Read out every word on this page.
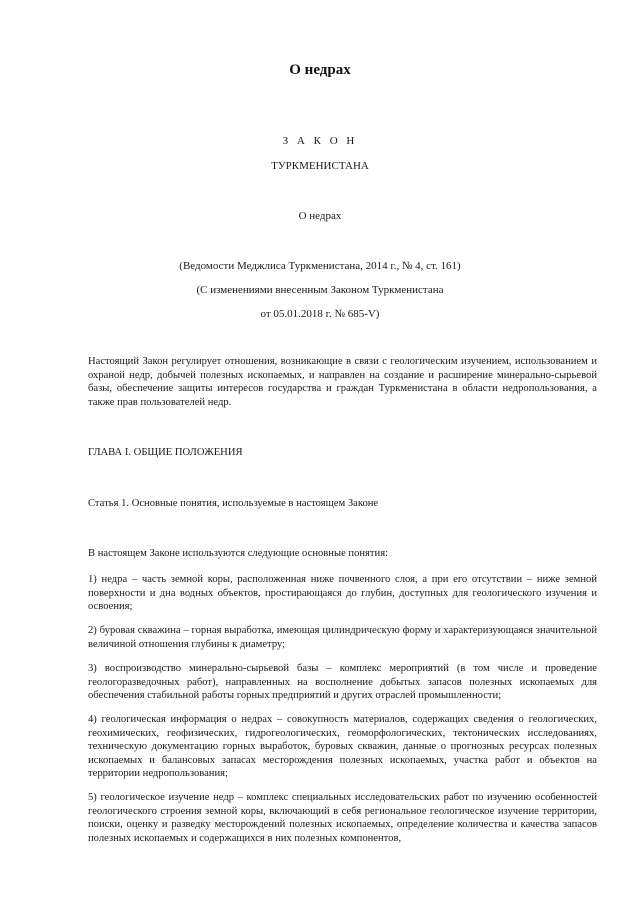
О недрах
З А К О Н
ТУРКМЕНИСТАНА
О недрах
(Ведомости Меджлиса Туркменистана, 2014 г., № 4, ст. 161)
(С изменениями внесенным Законом Туркменистана
от 05.01.2018 г. № 685-V)
Настоящий Закон регулирует отношения, возникающие в связи с геологическим изучением, использованием и охраной недр, добычей полезных ископаемых, и направлен на создание и расширение минерально-сырьевой базы, обеспечение защиты интересов государства и граждан Туркменистана в области недропользования, а также прав пользователей недр.
ГЛАВА I. ОБЩИЕ ПОЛОЖЕНИЯ
Статья 1. Основные понятия, используемые в настоящем Законе
В настоящем Законе используются следующие основные понятия:
1) недра – часть земной коры, расположенная ниже почвенного слоя, а при его отсутствии – ниже земной поверхности и дна водных объектов, простирающаяся до глубин, доступных для геологического изучения и освоения;
2) буровая скважина – горная выработка, имеющая цилиндрическую форму и характеризующаяся значительной величиной отношения глубины к диаметру;
3) воспроизводство минерально-сырьевой базы – комплекс мероприятий (в том числе и проведение геологоразведочных работ), направленных на восполнение добытых запасов полезных ископаемых для обеспечения стабильной работы горных предприятий и других отраслей промышленности;
4) геологическая информация о недрах – совокупность материалов, содержащих сведения о геологических, геохимических, геофизических, гидрогеологических, геоморфологических, тектонических исследованиях, техническую документацию горных выработок, буровых скважин, данные о прогнозных ресурсах полезных ископаемых и балансовых запасах месторождения полезных ископаемых, участка работ и объектов на территории недропользования;
5) геологическое изучение недр – комплекс специальных исследовательских работ по изучению особенностей геологического строения земной коры, включающий в себя региональное геологическое изучение территории, поиски, оценку и разведку месторождений полезных ископаемых, определение количества и качества запасов полезных ископаемых и содержащихся в них полезных компонентов,
